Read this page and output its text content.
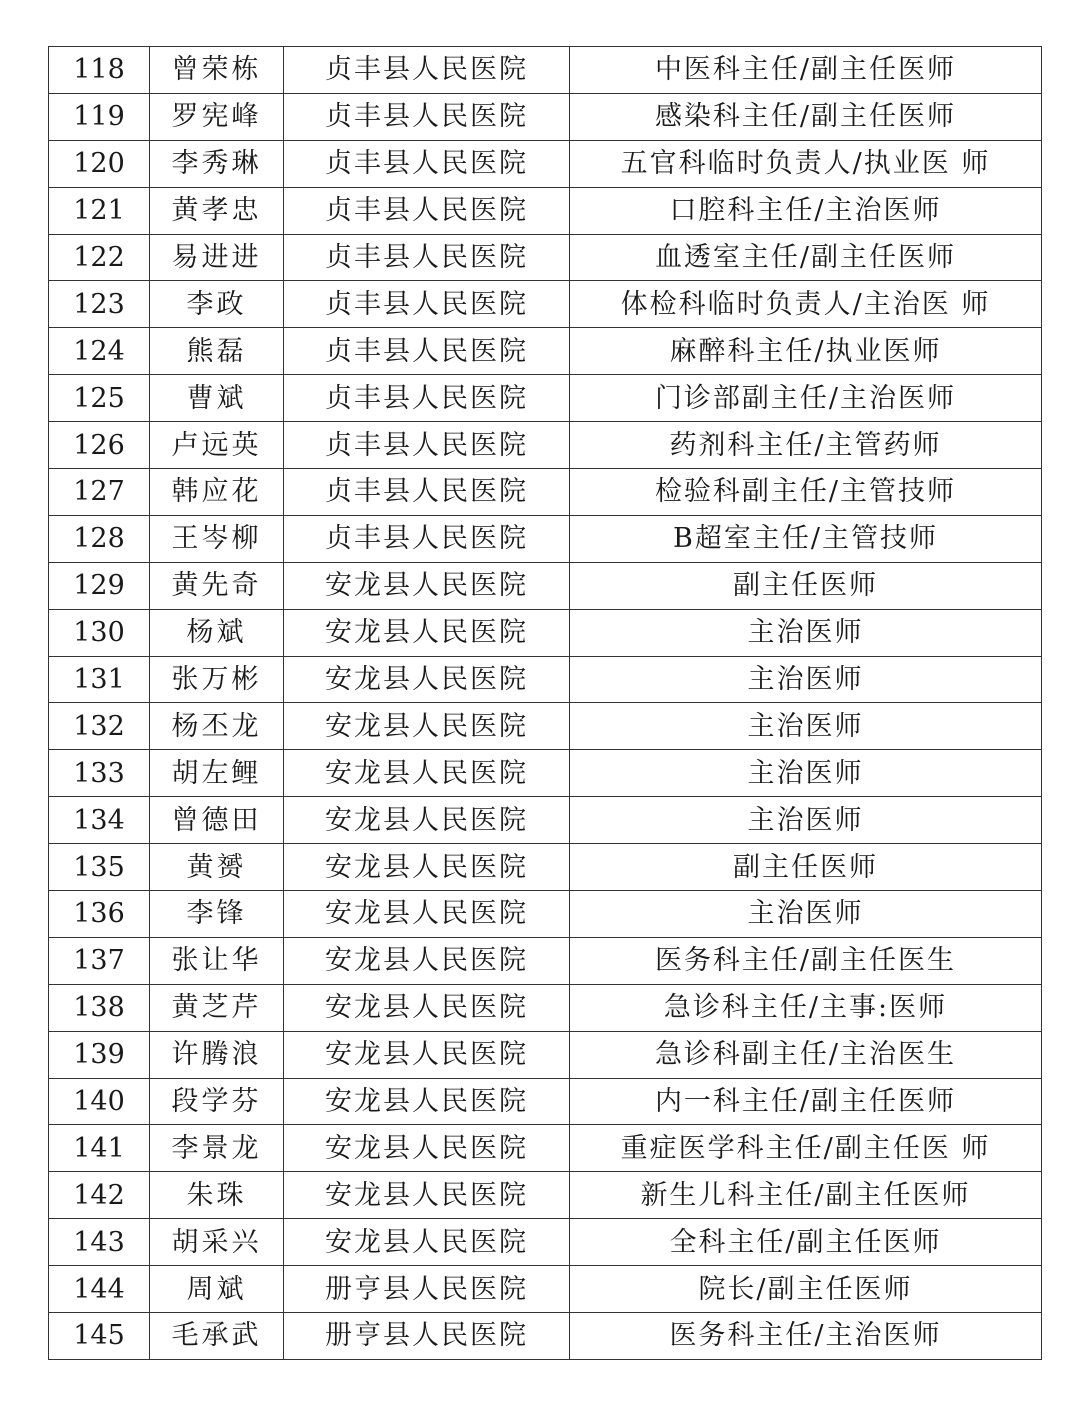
118	曾荣栋	贞丰县人民医院	中医科主任/副主任医师
119	罗宪峰	贞丰县人民医院	感染科主任/副主任医师
120	李秀琳	贞丰县人民医院	五官科临时负责人/执业医 师
121	黄孝忠	贞丰县人民医院	口腔科主任/主治医师
122	易进进	贞丰县人民医院	血透室主任/副主任医师
123	李政	贞丰县人民医院	体检科临时负责人/主治医 师
124	熊磊	贞丰县人民医院	麻醉科主任/执业医师
125	曹斌	贞丰县人民医院	门诊部副主任/主治医师
126	卢远英	贞丰县人民医院	药剂科主任/主管药师
127	韩应花	贞丰县人民医院	检验科副主任/主管技师
128	王岑柳	贞丰县人民医院	B超室主任/主管技师
129	黄先奇	安龙县人民医院	副主任医师
130	杨斌	安龙县人民医院	主治医师
131	张万彬	安龙县人民医院	主治医师
132	杨丕龙	安龙县人民医院	主治医师
133	胡左鲤	安龙县人民医院	主治医师
134	曾德田	安龙县人民医院	主治医师
135	黄赟	安龙县人民医院	副主任医师
136	李锋	安龙县人民医院	主治医师
137	张让华	安龙县人民医院	医务科主任/副主任医生
138	黄芝芹	安龙县人民医院	急诊科主任/主事:医师
139	许腾浪	安龙县人民医院	急诊科副主任/主治医生
140	段学芬	安龙县人民医院	内一科主任/副主任医师
141	李景龙	安龙县人民医院	重症医学科主任/副主任医 师
142	朱珠	安龙县人民医院	新生儿科主任/副主任医师
143	胡采兴	安龙县人民医院	全科主任/副主任医师
144	周斌	册亨县人民医院	院长/副主任医师
145	毛承武	册亨县人民医院	医务科主任/主治医师
